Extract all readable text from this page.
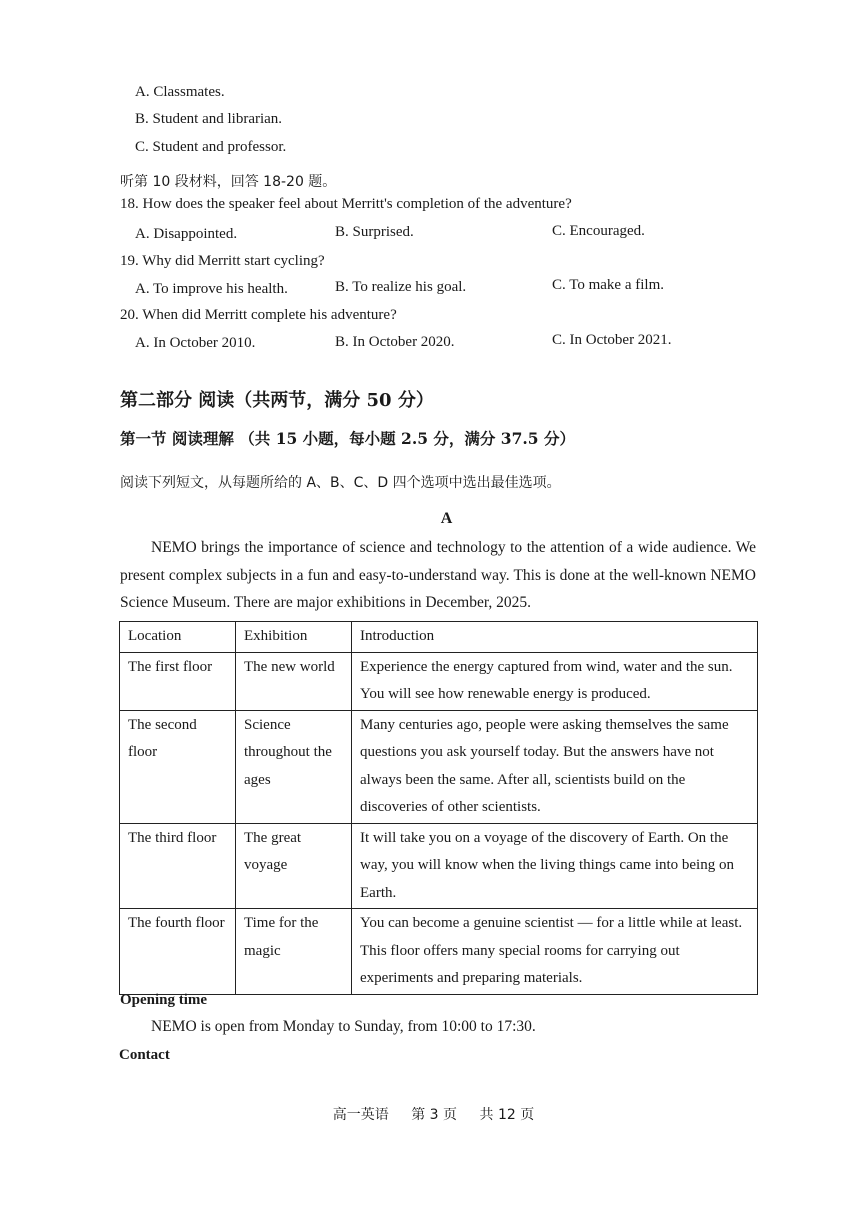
A. Classmates.
B. Student and librarian.
C. Student and professor.
听第 10 段材料，回答 18-20 题。
18. How does the speaker feel about Merritt's completion of the adventure?
A. Disappointed.	B. Surprised.	C. Encouraged.
19. Why did Merritt start cycling?
A. To improve his health.	B. To realize his goal.	C. To make a film.
20. When did Merritt complete his adventure?
A. In October 2010.	B. In October 2020.	C. In October 2021.
第二部分 阅读（共两节，满分 50 分）
第一节 阅读理解 （共 15 小题，每小题 2.5 分，满分 37.5 分）
阅读下列短文，从每题所给的 A、B、C、D 四个选项中选出最佳选项。
A
NEMO brings the importance of science and technology to the attention of a wide audience. We present complex subjects in a fun and easy-to-understand way. This is done at the well-known NEMO Science Museum. There are major exhibitions in December, 2025.
Location	Exhibition	Introduction
The first floor	The new world	Experience the energy captured from wind, water and the sun. You will see how renewable energy is produced.
The second floor	Science throughout the ages	Many centuries ago, people were asking themselves the same questions you ask yourself today. But the answers have not always been the same. After all, scientists build on the discoveries of other scientists.
The third floor	The great voyage	It will take you on a voyage of the discovery of Earth. On the way, you will know when the living things came into being on Earth.
The fourth floor	Time for the magic	You can become a genuine scientist — for a little while at least. This floor offers many special rooms for carrying out experiments and preparing materials.
Opening time
NEMO is open from Monday to Sunday, from 10:00 to 17:30.
Contact
高一英语 第 3 页 共 12 页
